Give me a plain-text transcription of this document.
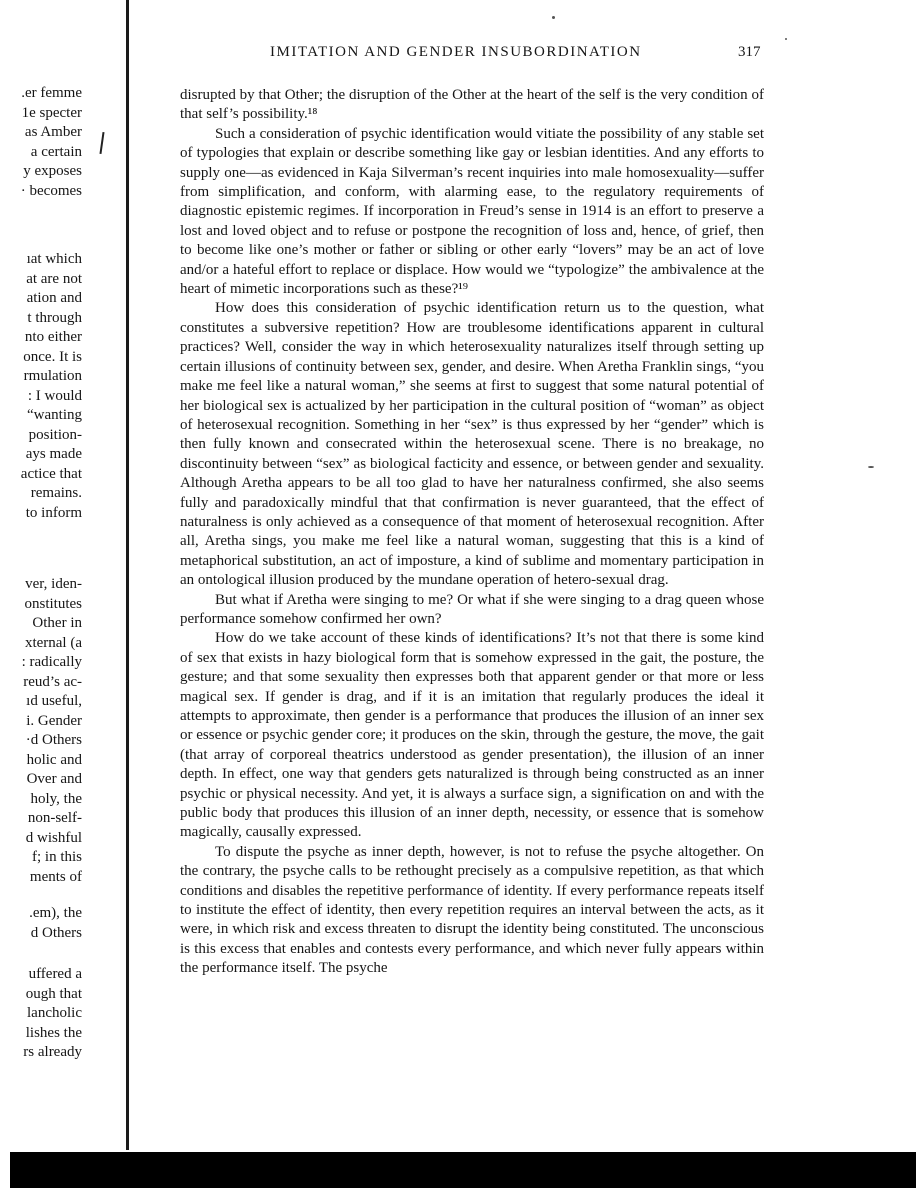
.er femme
1e specter
as Amber
a certain
y exposes
· becomes
ıat which
at are not
ation and
t through
nto either
once. It is
rmulation
: I would
“wanting
position-
ays made
actice that
remains.
to inform
ver, iden-
onstitutes
Other in
xternal (a
: radically
reud’s ac-
ıd useful,
i. Gender
·d Others
holic and
Over and
holy, the
non-self-
d wishful
f; in this
ments of
.em), the
d Others
uffered a
ough that
lancholic
lishes the
rs already
IMITATION AND GENDER INSUBORDINATION	317

disrupted by that Other; the disruption of the Other at the heart of the self is the very condition of that self’s possibility.¹⁸

Such a consideration of psychic identification would vitiate the possibility of any stable set of typologies that explain or describe something like gay or lesbian identities. And any efforts to supply one—as evidenced in Kaja Silverman’s recent inquiries into male homosexuality—suffer from simplification, and conform, with alarming ease, to the regulatory requirements of diagnostic epistemic regimes. If incorporation in Freud’s sense in 1914 is an effort to preserve a lost and loved object and to refuse or postpone the recognition of loss and, hence, of grief, then to become like one’s mother or father or sibling or other early “lovers” may be an act of love and/or a hateful effort to replace or displace. How would we “typologize” the ambivalence at the heart of mimetic incorporations such as these?¹⁹

How does this consideration of psychic identification return us to the question, what constitutes a subversive repetition? How are troublesome identifications apparent in cultural practices? Well, consider the way in which heterosexuality naturalizes itself through setting up certain illusions of continuity between sex, gender, and desire. When Aretha Franklin sings, “you make me feel like a natural woman,” she seems at first to suggest that some natural potential of her biological sex is actualized by her participation in the cultural position of “woman” as object of heterosexual recognition. Something in her “sex” is thus expressed by her “gender” which is then fully known and consecrated within the heterosexual scene. There is no breakage, no discontinuity between “sex” as biological facticity and essence, or between gender and sexuality. Although Aretha appears to be all too glad to have her naturalness confirmed, she also seems fully and paradoxically mindful that that confirmation is never guaranteed, that the effect of naturalness is only achieved as a consequence of that moment of heterosexual recognition. After all, Aretha sings, you make me feel like a natural woman, suggesting that this is a kind of metaphorical substitution, an act of imposture, a kind of sublime and momentary participation in an ontological illusion produced by the mundane operation of hetero-sexual drag.

But what if Aretha were singing to me? Or what if she were singing to a drag queen whose performance somehow confirmed her own?

How do we take account of these kinds of identifications? It’s not that there is some kind of sex that exists in hazy biological form that is somehow expressed in the gait, the posture, the gesture; and that some sexuality then expresses both that apparent gender or that more or less magical sex. If gender is drag, and if it is an imitation that regularly produces the ideal it attempts to approximate, then gender is a performance that produces the illusion of an inner sex or essence or psychic gender core; it produces on the skin, through the gesture, the move, the gait (that array of corporeal theatrics understood as gender presentation), the illusion of an inner depth. In effect, one way that genders gets naturalized is through being constructed as an inner psychic or physical necessity. And yet, it is always a surface sign, a signification on and with the public body that produces this illusion of an inner depth, necessity, or essence that is somehow magically, causally expressed.

To dispute the psyche as inner depth, however, is not to refuse the psyche altogether. On the contrary, the psyche calls to be rethought precisely as a compulsive repetition, as that which conditions and disables the repetitive performance of identity. If every performance repeats itself to institute the effect of identity, then every repetition requires an interval between the acts, as it were, in which risk and excess threaten to disrupt the identity being constituted. The unconscious is this excess that enables and contests every performance, and which never fully appears within the performance itself. The psyche
